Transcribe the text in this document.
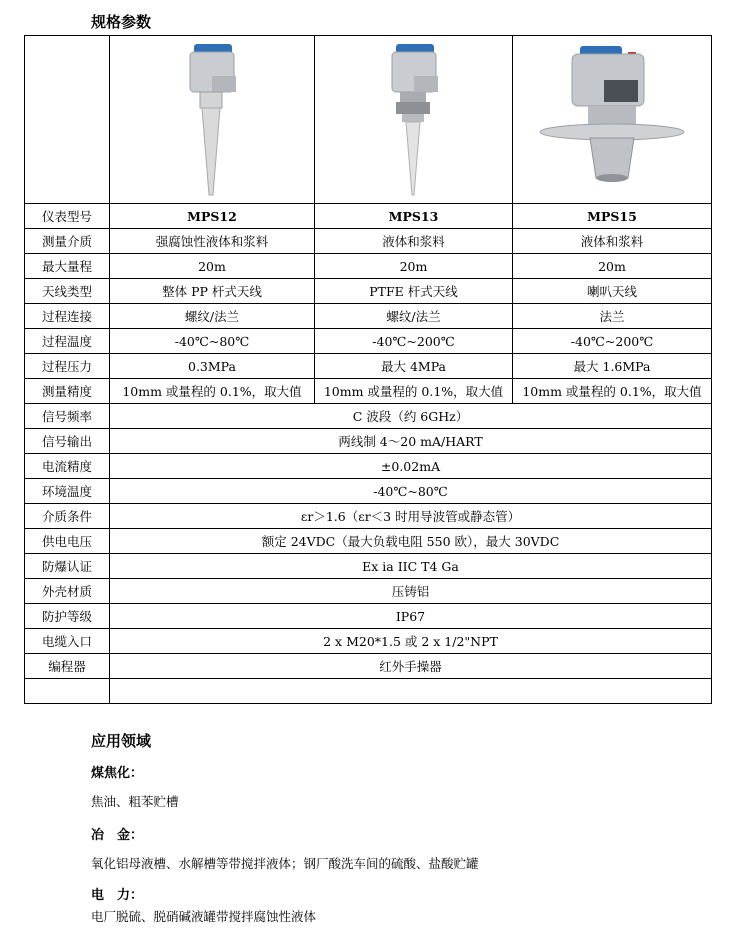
规格参数

仪表型号	MPS12	MPS13	MPS15
测量介质	强腐蚀性液体和浆料	液体和浆料	液体和浆料
最大量程	20m	20m	20m
天线类型	整体 PP 杆式天线	PTFE 杆式天线	喇叭天线
过程连接	螺纹/法兰	螺纹/法兰	法兰
过程温度	-40℃~80℃	-40℃~200℃	-40℃~200℃
过程压力	0.3MPa	最大 4MPa	最大 1.6MPa
测量精度	10mm 或量程的 0.1%，取大值	10mm 或量程的 0.1%，取大值	10mm 或量程的 0.1%，取大值
信号频率	C 波段（约 6GHz）		
信号输出	两线制 4～20 mA/HART		
电流精度	±0.02mA		
环境温度	-40℃~80℃		
介质条件	εr＞1.6（εr＜3 时用导波管或静态管）		
供电电压	额定 24VDC（最大负载电阻 550 欧），最大 30VDC		
防爆认证	Ex ia IIC T4 Ga		
外壳材质	压铸铝		
防护等级	IP67		
电缆入口	2 x M20*1.5 或 2 x 1/2"NPT		
编程器	红外手操器		

应用领域
煤焦化：
焦油、粗苯贮槽
冶　金：
氧化铝母液槽、水解槽等带搅拌液体；钢厂酸洗车间的硫酸、盐酸贮罐
电　力：
电厂脱硫、脱硝碱液罐带搅拌腐蚀性液体
